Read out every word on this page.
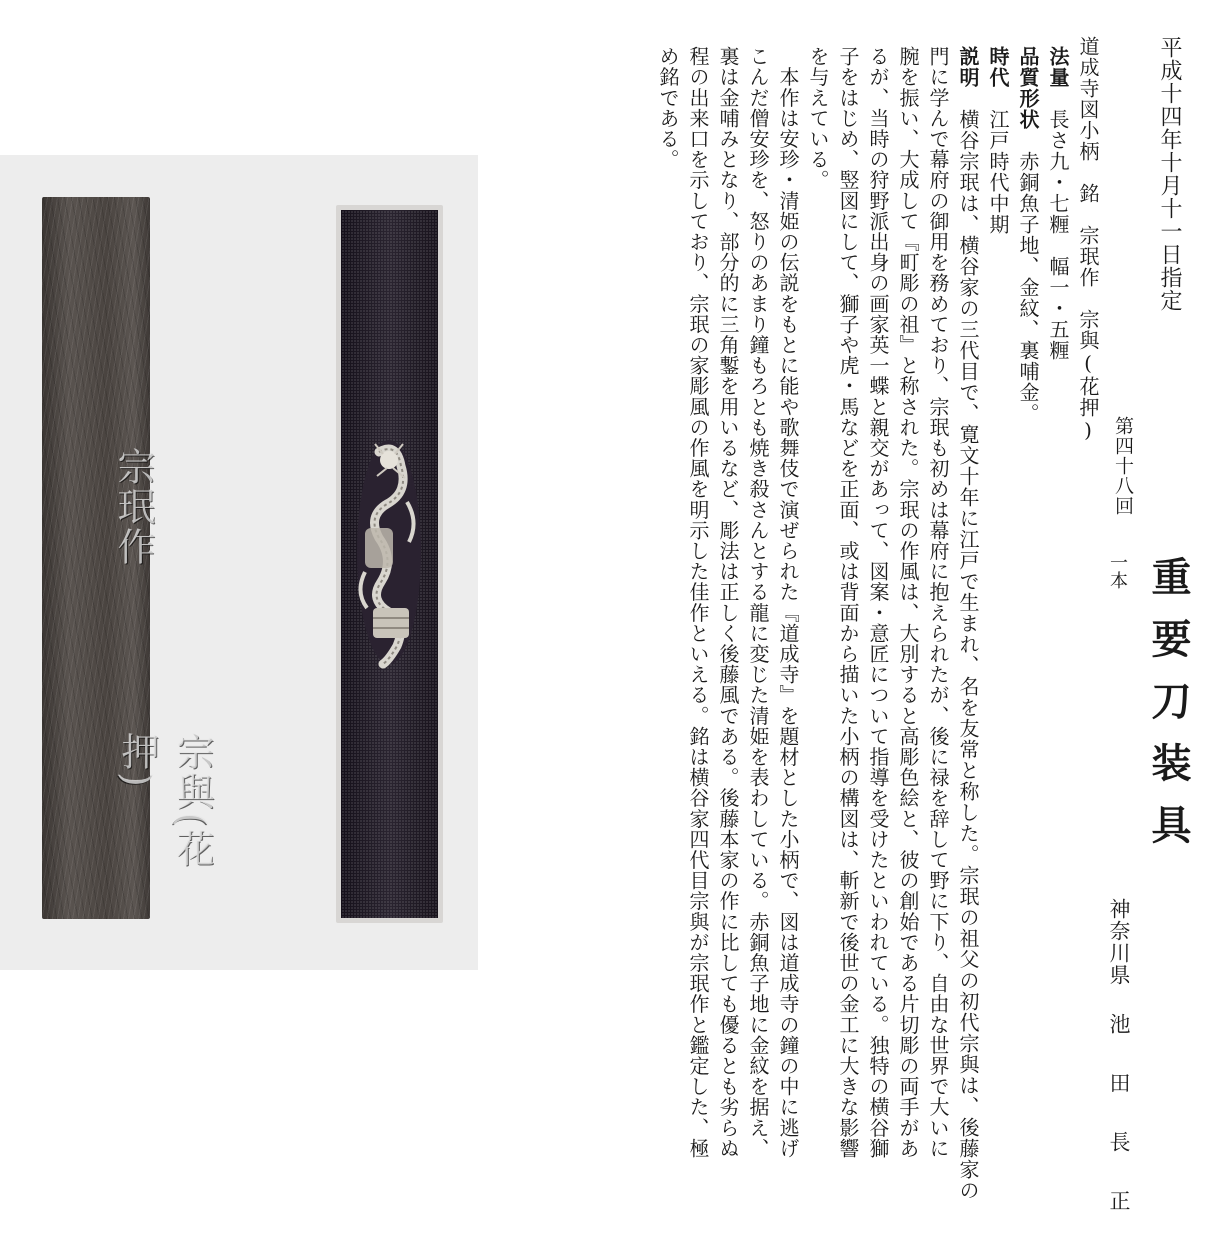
宗珉作
宗與(花押)
平成十四年十月十一日指定
第四十八回
重要刀装具
一本
神奈川県
池田長正
道成寺図小柄　銘　宗珉作　宗與(花押)
法量　長さ九・七糎　幅一・五糎
品質形状　赤銅魚子地、金紋、裏哺金。
時代　江戸時代中期
説明　横谷宗珉は、横谷家の三代目で、寛文十年に江戸で生まれ、名を友常と称した。宗珉の祖父の初代宗與は、後藤家の
門に学んで幕府の御用を務めており、宗珉も初めは幕府に抱えられたが、後に禄を辞して野に下り、自由な世界で大いに
腕を振い、大成して『町彫の祖』と称された。宗珉の作風は、大別すると高彫色絵と、彼の創始である片切彫の両手があ
るが、当時の狩野派出身の画家英一蝶と親交があって、図案・意匠について指導を受けたといわれている。独特の横谷獅
子をはじめ、竪図にして、獅子や虎・馬などを正面、或は背面から描いた小柄の構図は、斬新で後世の金工に大きな影響
を与えている。
　本作は安珍・清姫の伝説をもとに能や歌舞伎で演ぜられた『道成寺』を題材とした小柄で、図は道成寺の鐘の中に逃げ
こんだ僧安珍を、怒りのあまり鐘もろとも焼き殺さんとする龍に変じた清姫を表わしている。赤銅魚子地に金紋を据え、
裏は金哺みとなり、部分的に三角鏨を用いるなど、彫法は正しく後藤風である。後藤本家の作に比しても優るとも劣らぬ
程の出来口を示しており、宗珉の家彫風の作風を明示した佳作といえる。銘は横谷家四代目宗與が宗珉作と鑑定した、極
め銘である。
